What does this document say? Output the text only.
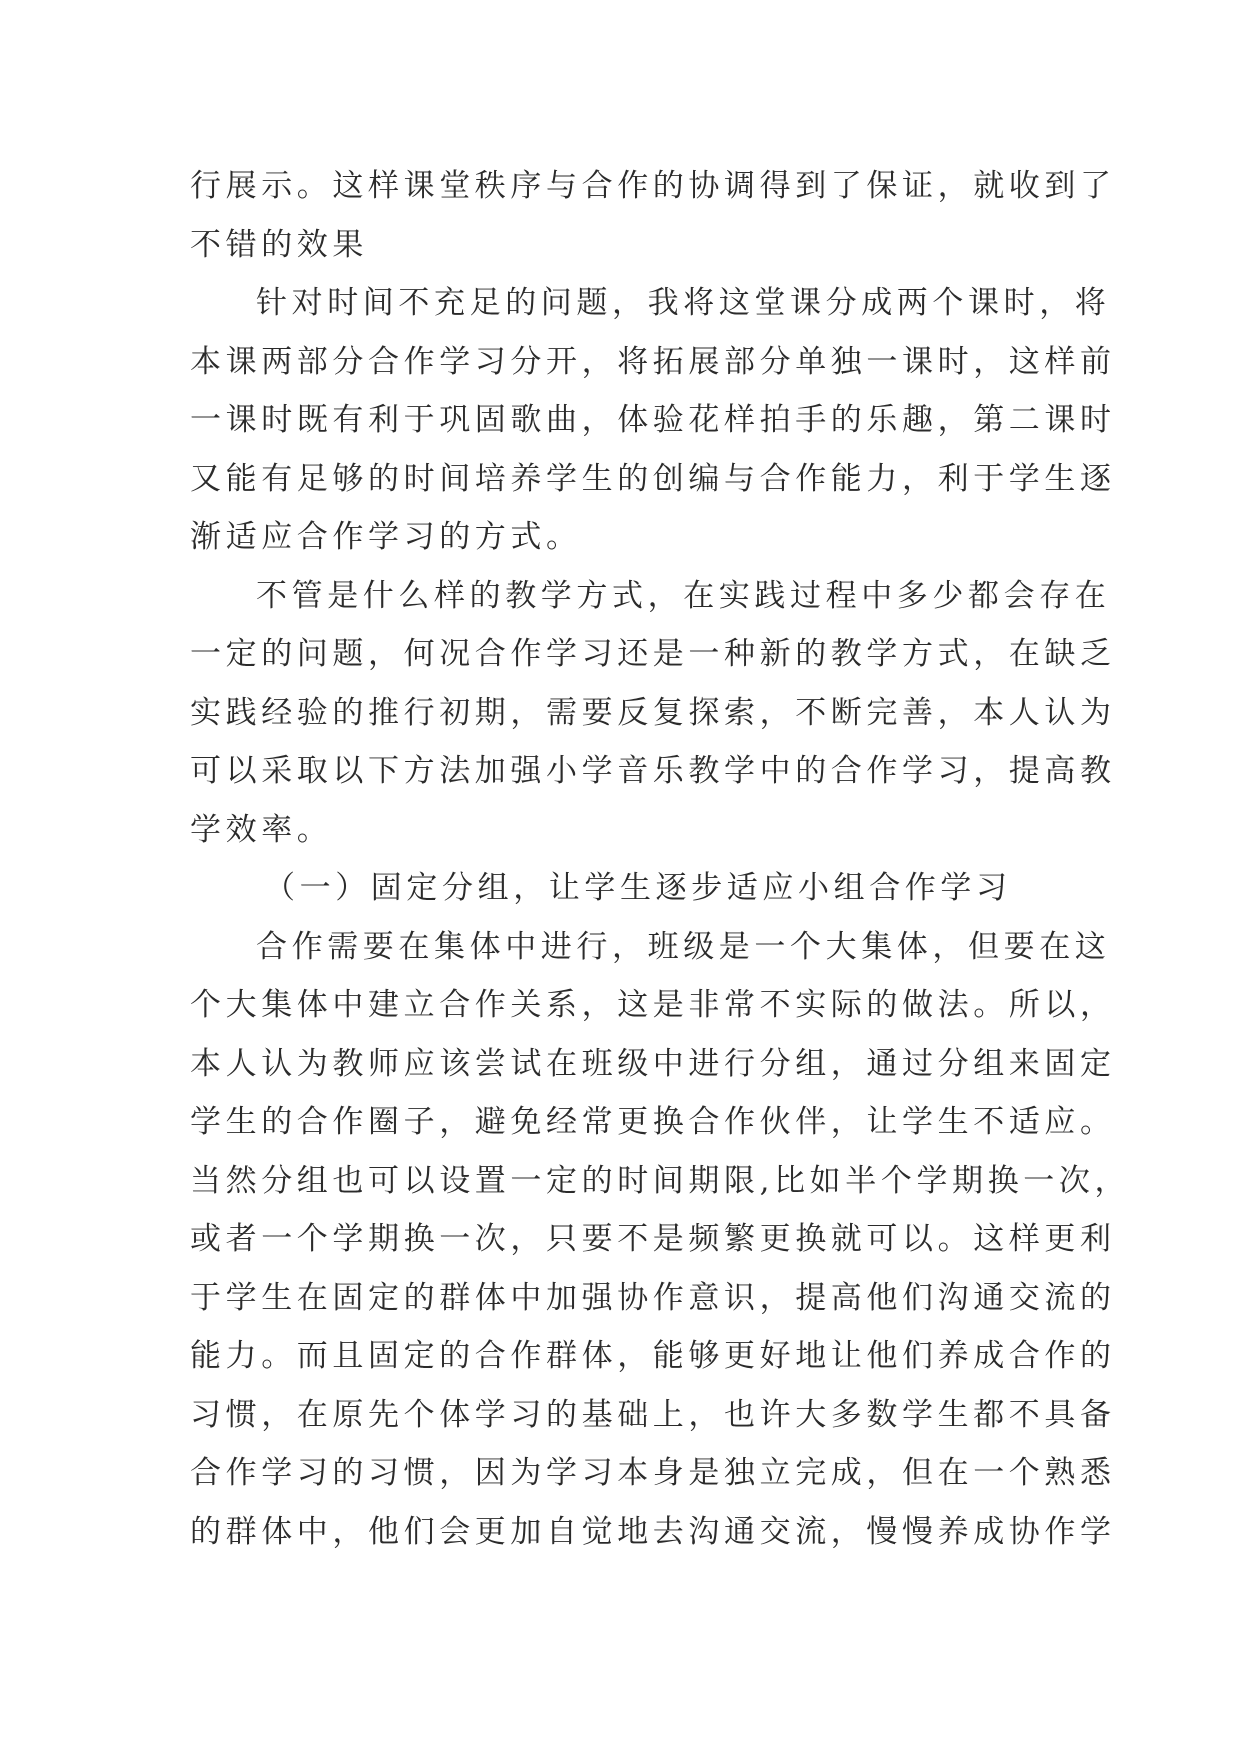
行展示。这样课堂秩序与合作的协调得到了保证，就收到了
不错的效果
针对时间不充足的问题，我将这堂课分成两个课时，将
本课两部分合作学习分开，将拓展部分单独一课时，这样前
一课时既有利于巩固歌曲，体验花样拍手的乐趣，第二课时
又能有足够的时间培养学生的创编与合作能力，利于学生逐
渐适应合作学习的方式。
不管是什么样的教学方式，在实践过程中多少都会存在
一定的问题，何况合作学习还是一种新的教学方式，在缺乏
实践经验的推行初期，需要反复探索，不断完善，本人认为
可以采取以下方法加强小学音乐教学中的合作学习，提高教
学效率。
（一）固定分组，让学生逐步适应小组合作学习
合作需要在集体中进行，班级是一个大集体，但要在这
个大集体中建立合作关系，这是非常不实际的做法。所以，
本人认为教师应该尝试在班级中进行分组，通过分组来固定
学生的合作圈子，避免经常更换合作伙伴，让学生不适应。
当然分组也可以设置一定的时间期限,比如半个学期换一次，
或者一个学期换一次，只要不是频繁更换就可以。这样更利
于学生在固定的群体中加强协作意识，提高他们沟通交流的
能力。而且固定的合作群体，能够更好地让他们养成合作的
习惯，在原先个体学习的基础上，也许大多数学生都不具备
合作学习的习惯，因为学习本身是独立完成，但在一个熟悉
的群体中，他们会更加自觉地去沟通交流，慢慢养成协作学
